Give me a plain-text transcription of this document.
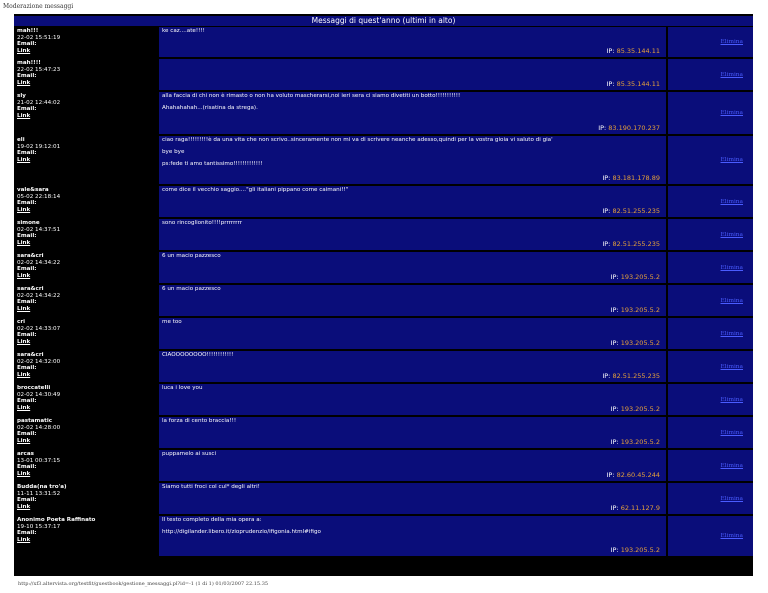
Moderazione messaggi
Messaggi di quest'anno (ultimi in alto)
mah!!!
22-02 15:51:19
Email:
Link

ke caz....ate!!!!

IP: 85.35.144.11
Elimina
mah!!!!
22-02 15:47:23
Email:
Link	IP: 85.35.144.11
Elimina
sly
21-02 12:44:02
Email:
Link

alla faccia di chi non è rimasto o non ha voluto mascherarsi,noi ieri sera ci siamo divetiti un botto!!!!!!!!!!!

Ahahahahah...(risatina da strega).

IP: 83.190.170.237
Elimina
eli
19-02 19:12:01
Email:
Link

ciao raga!!!!!!!!!è da una vita che non scrivo..sinceramente non mi va di scrivere neanche adesso,quindi per la vostra gioia vi saluto di gia'

bye bye

ps:fede ti amo tantissimo!!!!!!!!!!!!!

IP: 83.181.178.89
Elimina
vale&sara
05-02 22:18:14
Email:
Link

come dice il vecchio saggio...."gli italiani pippano come caimani!!"

IP: 82.51.255.235
Elimina
simone
02-02 14:37:51
Email:
Link

sono rincoglionito!!!!prrrrrrrr

IP: 82.51.255.235
Elimina
sara&cri
02-02 14:34:22
Email:
Link

6 un macio pazzesco

IP: 193.205.5.2
Elimina
sara&cri
02-02 14:34:22
Email:
Link

6 un macio pazzesco

IP: 193.205.5.2
Elimina
cri
02-02 14:33:07
Email:
Link

me too

IP: 193.205.5.2
Elimina
sara&cri
02-02 14:32:00
Email:
Link

CIAOOOOOOOO!!!!!!!!!!!!

IP: 82.51.255.235
Elimina
broccatelli
02-02 14:30:49
Email:
Link

luca i love you

IP: 193.205.5.2
Elimina
pastamatic
02-02 14:28:00
Email:
Link

la forza di cento braccia!!!

IP: 193.205.5.2
Elimina
arcas
13-01 00:37:15
Email:
Link

puppamelo ai susci

IP: 82.60.45.244
Elimina
Budda(na tro'a)
11-11 13:31:52
Email:
Link

Siamo tutti froci col cul* degli altri!

IP: 62.11.127.9
Elimina
Anonimo Poeta Raffinato
19-10 15:37:17
Email:
Link

Il testo completo della mia opera a:

http://digilander.libero.it/zioprudenzio/ifigonia.html#ifigo

IP: 193.205.5.2
Elimina
http://xf3.altervista.org/testfit/guestbook/gestione_messaggi.pl?id=-1 (1 di 1) 01/03/2007 22.15.35
